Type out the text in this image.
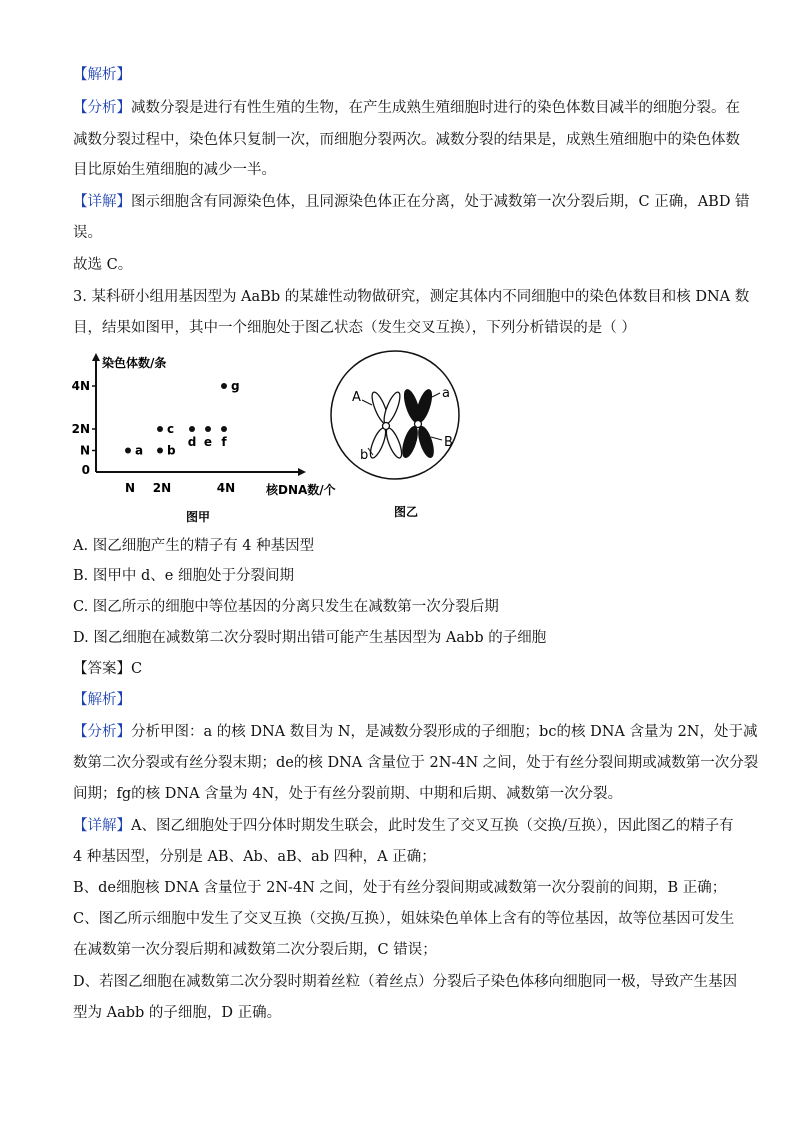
【解析】
【分析】减数分裂是进行有性生殖的生物，在产生成熟生殖细胞时进行的染色体数目减半的细胞分裂。在
减数分裂过程中，染色体只复制一次，而细胞分裂两次。减数分裂的结果是，成熟生殖细胞中的染色体数
目比原始生殖细胞的减少一半。
【详解】图示细胞含有同源染色体，且同源染色体正在分离，处于减数第一次分裂后期，C 正确，ABD 错
误。
故选 C。
3. 某科研小组用基因型为 AaBb 的某雄性动物做研究，测定其体内不同细胞中的染色体数目和核 DNA 数
目，结果如图甲，其中一个细胞处于图乙状态（发生交叉互换），下列分析错误的是（ ）
染色体数/条
0
N
2N
4N
N 2N	4N
a b
c
d e f
g
核DNA数/个
图甲
A	a
b
B
图乙
A. 图乙细胞产生的精子有 4 种基因型
B. 图甲中 d、e 细胞处于分裂间期
C. 图乙所示的细胞中等位基因的分离只发生在减数第一次分裂后期
D. 图乙细胞在减数第二次分裂时期出错可能产生基因型为 Aabb 的子细胞
【答案】C
【解析】
【分析】分析甲图：a 的核 DNA 数目为 N，是减数分裂形成的子细胞；bc的核 DNA 含量为 2N，处于减
数第二次分裂或有丝分裂末期；de的核 DNA 含量位于 2N-4N 之间，处于有丝分裂间期或减数第一次分裂
间期；fg的核 DNA 含量为 4N，处于有丝分裂前期、中期和后期、减数第一次分裂。
【详解】A、图乙细胞处于四分体时期发生联会，此时发生了交叉互换（交换/互换），因此图乙的精子有
4 种基因型，分别是 AB、Ab、aB、ab 四种，A 正确；
B、de细胞核 DNA 含量位于 2N-4N 之间，处于有丝分裂间期或减数第一次分裂前的间期，B 正确；
C、图乙所示细胞中发生了交叉互换（交换/互换），姐妹染色单体上含有的等位基因，故等位基因可发生
在减数第一次分裂后期和减数第二次分裂后期，C 错误；
D、若图乙细胞在减数第二次分裂时期着丝粒（着丝点）分裂后子染色体移向细胞同一极，导致产生基因
型为 Aabb 的子细胞，D 正确。
